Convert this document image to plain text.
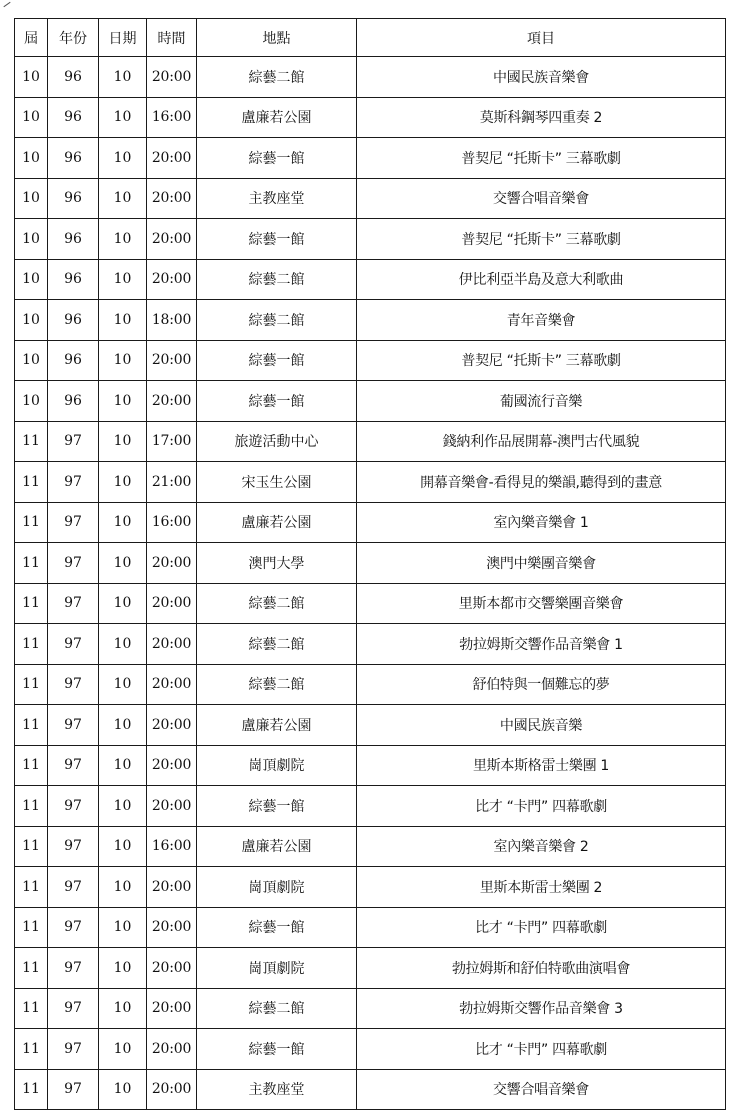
屆	年份	日期	時間	地點	項目
10	96	10	20:00	綜藝二館	中國民族音樂會
10	96	10	16:00	盧廉若公園	莫斯科鋼琴四重奏 2
10	96	10	20:00	綜藝一館	普契尼 “托斯卡” 三幕歌劇
10	96	10	20:00	主教座堂	交響合唱音樂會
10	96	10	20:00	綜藝一館	普契尼 “托斯卡” 三幕歌劇
10	96	10	20:00	綜藝二館	伊比利亞半島及意大利歌曲
10	96	10	18:00	綜藝二館	青年音樂會
10	96	10	20:00	綜藝一館	普契尼 “托斯卡” 三幕歌劇
10	96	10	20:00	綜藝一館	葡國流行音樂
11	97	10	17:00	旅遊活動中心	錢納利作品展開幕-澳門古代風貌
11	97	10	21:00	宋玉生公園	開幕音樂會-看得見的樂韻,聽得到的畫意
11	97	10	16:00	盧廉若公園	室內樂音樂會 1
11	97	10	20:00	澳門大學	澳門中樂團音樂會
11	97	10	20:00	綜藝二館	里斯本都市交響樂團音樂會
11	97	10	20:00	綜藝二館	勃拉姆斯交響作品音樂會 1
11	97	10	20:00	綜藝二館	舒伯特與一個難忘的夢
11	97	10	20:00	盧廉若公園	中國民族音樂
11	97	10	20:00	崗頂劇院	里斯本斯格雷士樂團 1
11	97	10	20:00	綜藝一館	比才 “卡門” 四幕歌劇
11	97	10	16:00	盧廉若公園	室內樂音樂會 2
11	97	10	20:00	崗頂劇院	里斯本斯雷士樂團 2
11	97	10	20:00	綜藝一館	比才 “卡門” 四幕歌劇
11	97	10	20:00	崗頂劇院	勃拉姆斯和舒伯特歌曲演唱會
11	97	10	20:00	綜藝二館	勃拉姆斯交響作品音樂會 3
11	97	10	20:00	綜藝一館	比才 “卡門” 四幕歌劇
11	97	10	20:00	主教座堂	交響合唱音樂會
